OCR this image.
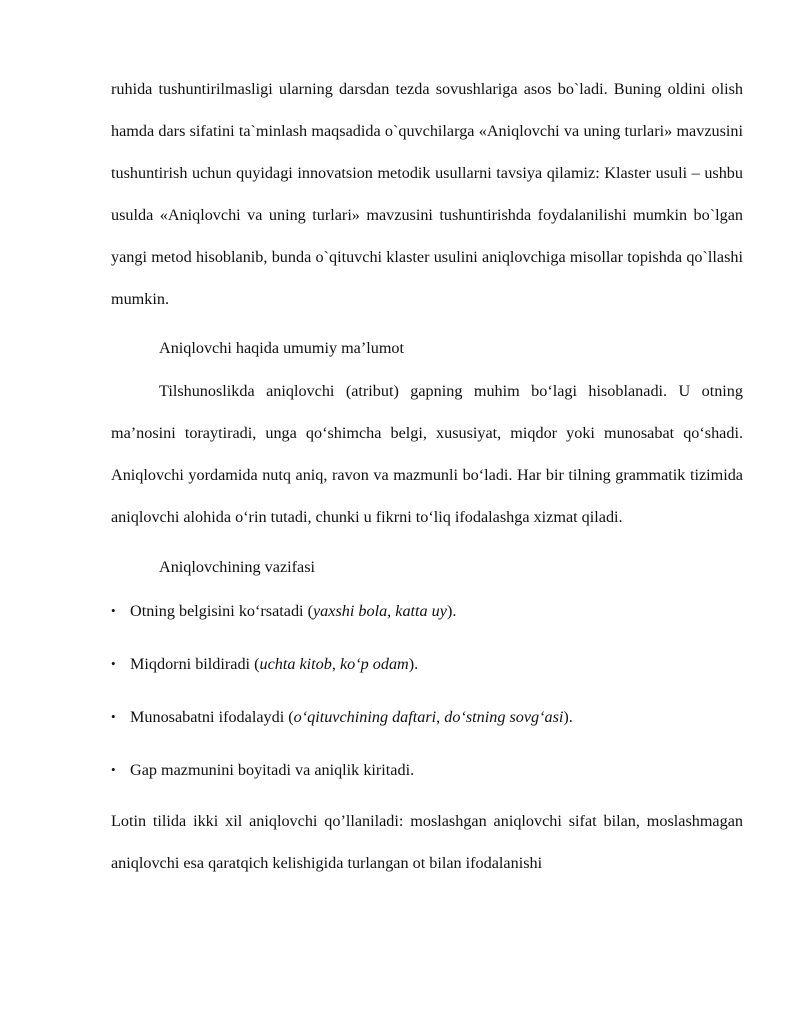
ruhida tushuntirilmasligi ularning darsdan tezda sovushlariga asos bo`ladi. Buning oldini olish hamda dars sifatini ta`minlash maqsadida o`quvchilarga «Aniqlovchi va uning turlari» mavzusini tushuntirish uchun quyidagi innovatsion metodik usullarni tavsiya qilamiz: Klaster usuli – ushbu usulda «Aniqlovchi va uning turlari» mavzusini tushuntirishda foydalanilishi mumkin bo`lgan yangi metod hisoblanib, bunda o`qituvchi klaster usulini aniqlovchiga misollar topishda qo`llashi mumkin.

Aniqlovchi haqida umumiy ma’lumot

Tilshunoslikda aniqlovchi (atribut) gapning muhim bo‘lagi hisoblanadi. U otning ma’nosini toraytiradi, unga qo‘shimcha belgi, xususiyat, miqdor yoki munosabat qo‘shadi. Aniqlovchi yordamida nutq aniq, ravon va mazmunli bo‘ladi. Har bir tilning grammatik tizimida aniqlovchi alohida o‘rin tutadi, chunki u fikrni to‘liq ifodalashga xizmat qiladi.

Aniqlovchining vazifasi

• Otning belgisini ko‘rsatadi (yaxshi bola, katta uy).
• Miqdorni bildiradi (uchta kitob, ko‘p odam).
• Munosabatni ifodalaydi (o‘qituvchining daftari, do‘stning sovg‘asi).
• Gap mazmunini boyitadi va aniqlik kiritadi.

Lotin tilida ikki xil aniqlovchi qo’llaniladi: moslashgan aniqlovchi sifat bilan, moslashmagan aniqlovchi esa qaratqich kelishigida turlangan ot bilan ifodalanishi
